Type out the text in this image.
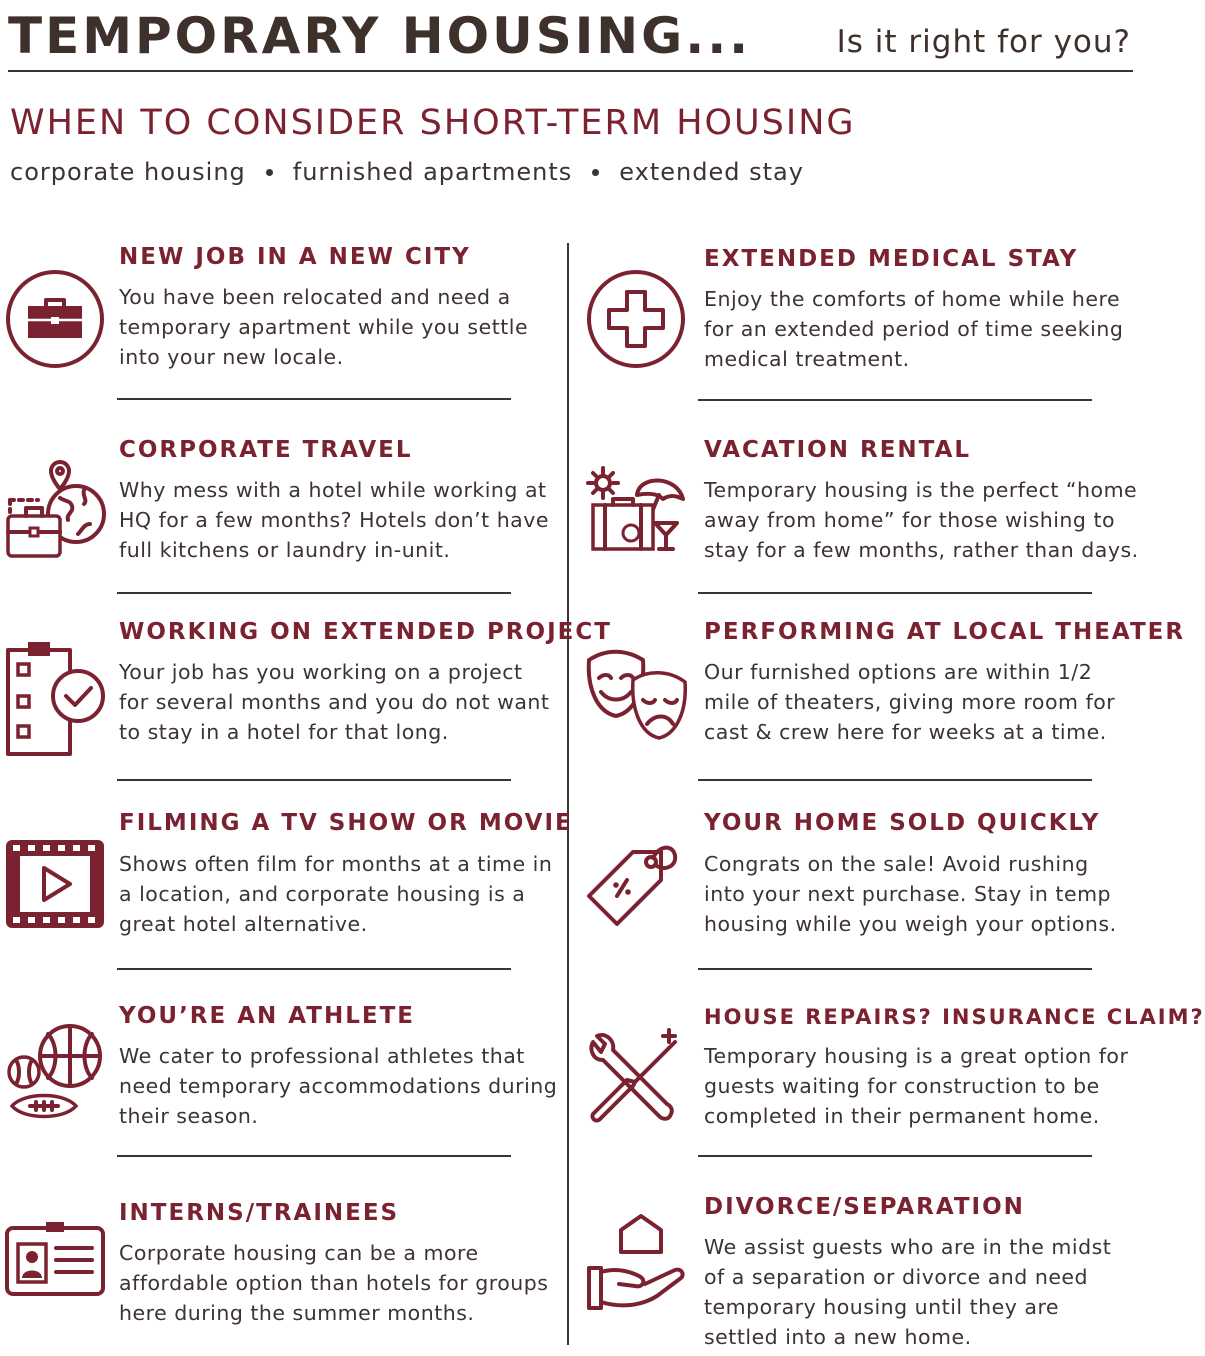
TEMPORARY HOUSING...	Is it right for you?
WHEN TO CONSIDER SHORT-TERM HOUSING
corporate housing furnished apartments extended stay
NEW JOB IN A NEW CITY

You have been relocated and need a temporary apartment while you settle into your new locale.

CORPORATE TRAVEL

Why mess with a hotel while working at HQ for a few months? Hotels don’t have full kitchens or laundry in-unit.

WORKING ON EXTENDED PROJECT

Your job has you working on a project for several months and you do not want to stay in a hotel for that long.

FILMING A TV SHOW OR MOVIE

Shows often film for months at a time in a location, and corporate housing is a great hotel alternative.

YOU’RE AN ATHLETE

We cater to professional athletes that need temporary accommodations during their season.

INTERNS/TRAINEES

Corporate housing can be a more affordable option than hotels for groups here during the summer months.

EXTENDED MEDICAL STAY

Enjoy the comforts of home while here for an extended period of time seeking medical treatment.

VACATION RENTAL

Temporary housing is the perfect “home away from home” for those wishing to stay for a few months, rather than days.

PERFORMING AT LOCAL THEATER

Our furnished options are within 1/2 mile of theaters, giving more room for cast & crew here for weeks at a time.

YOUR HOME SOLD QUICKLY

Congrats on the sale! Avoid rushing into your next purchase. Stay in temp housing while you weigh your options.

HOUSE REPAIRS? INSURANCE CLAIM?

Temporary housing is a great option for guests waiting for construction to be completed in their permanent home.

DIVORCE/SEPARATION

We assist guests who are in the midst of a separation or divorce and need temporary housing until they are settled into a new home.
